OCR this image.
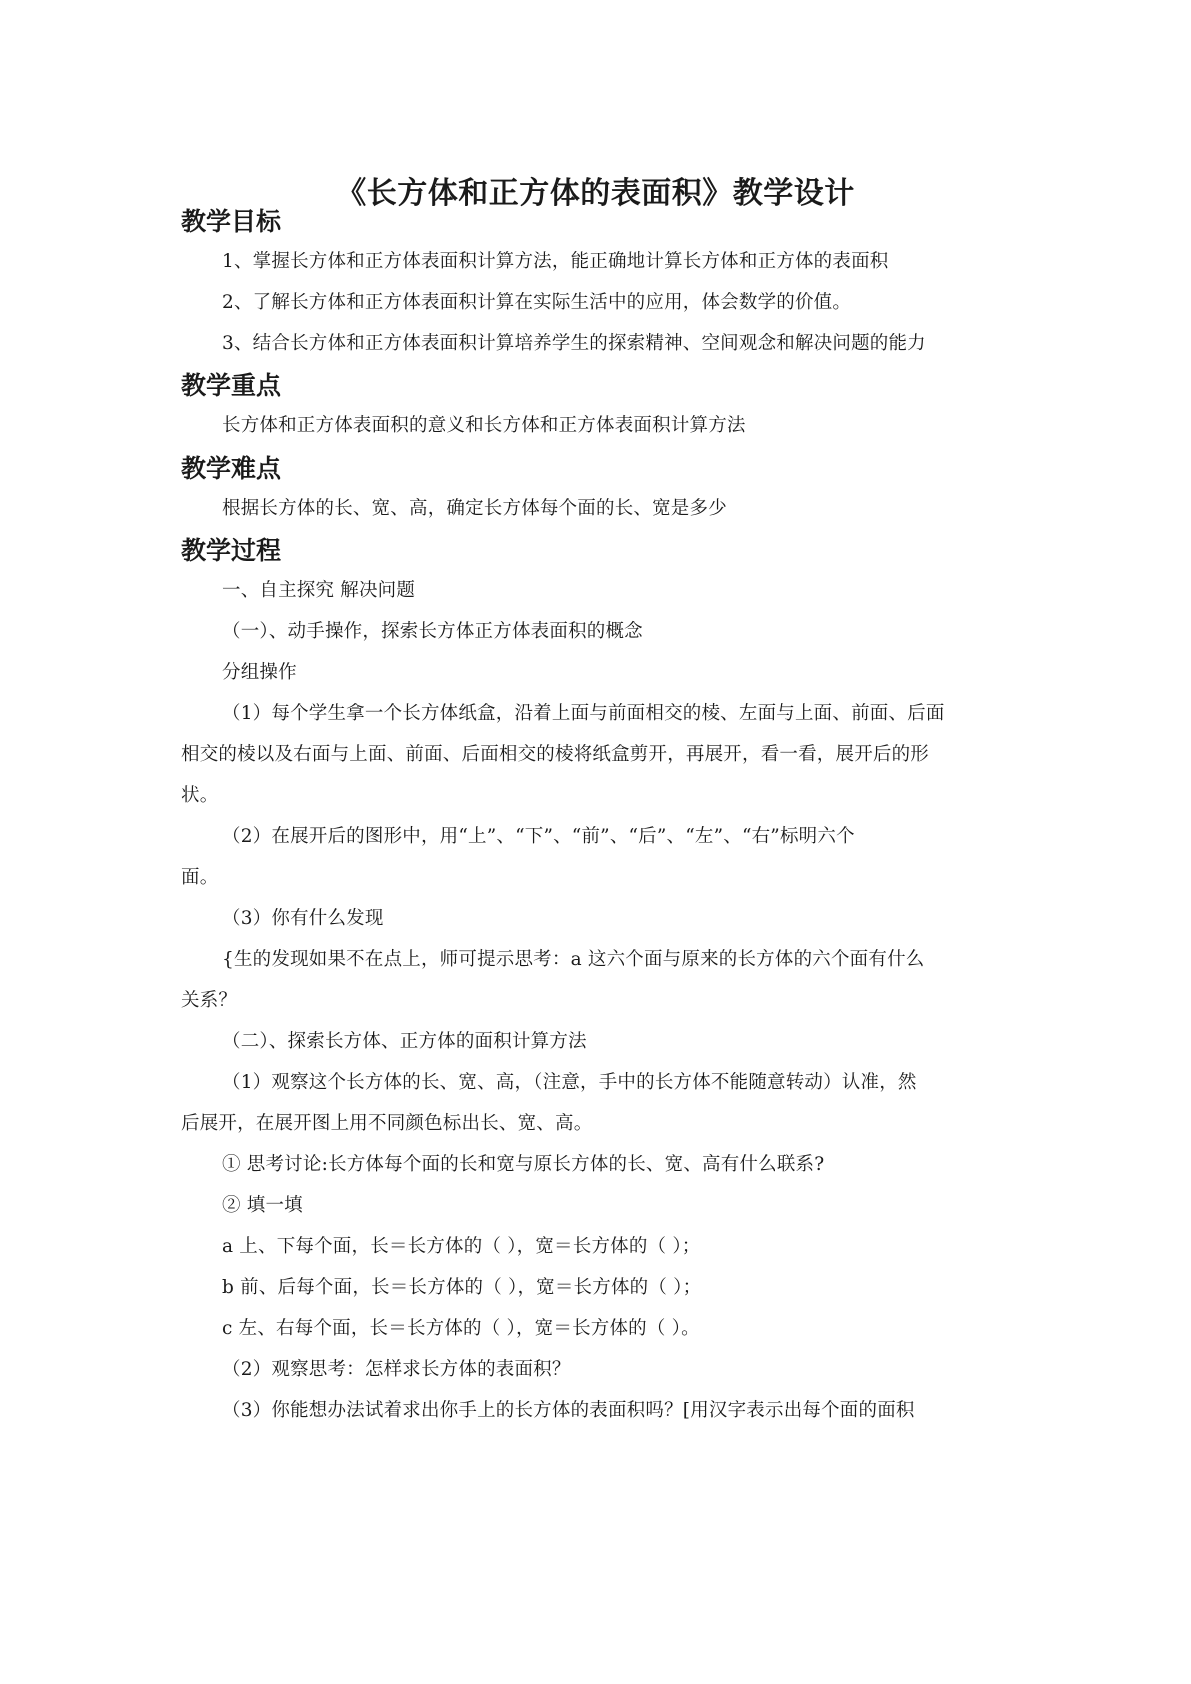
《长方体和正方体的表面积》教学设计
教学目标
1、掌握长方体和正方体表面积计算方法，能正确地计算长方体和正方体的表面积
2、了解长方体和正方体表面积计算在实际生活中的应用，体会数学的价值。
3、结合长方体和正方体表面积计算培养学生的探索精神、空间观念和解决问题的能力
教学重点
长方体和正方体表面积的意义和长方体和正方体表面积计算方法
教学难点
根据长方体的长、宽、高，确定长方体每个面的长、宽是多少
教学过程
一、自主探究 解决问题
（一）、动手操作，探索长方体正方体表面积的概念
分组操作
（1）每个学生拿一个长方体纸盒，沿着上面与前面相交的棱、左面与上面、前面、后面
相交的棱以及右面与上面、前面、后面相交的棱将纸盒剪开，再展开，看一看，展开后的形
状。
（2）在展开后的图形中，用“上”、“下”、“前”、“后”、“左”、“右”标明六个
面。
（3）你有什么发现
{生的发现如果不在点上，师可提示思考：a 这六个面与原来的长方体的六个面有什么
关系？
（二）、探索长方体、正方体的面积计算方法
（1）观察这个长方体的长、宽、高，（注意，手中的长方体不能随意转动）认准，然
后展开，在展开图上用不同颜色标出长、宽、高。
① 思考讨论:长方体每个面的长和宽与原长方体的长、宽、高有什么联系?
② 填一填
a 上、下每个面，长＝长方体的（ ），宽＝长方体的（ ）；
b 前、后每个面，长＝长方体的（ ），宽＝长方体的（ ）；
c 左、右每个面，长＝长方体的（ ），宽＝长方体的（ ）。
（2）观察思考：怎样求长方体的表面积？
（3）你能想办法试着求出你手上的长方体的表面积吗？[用汉字表示出每个面的面积
